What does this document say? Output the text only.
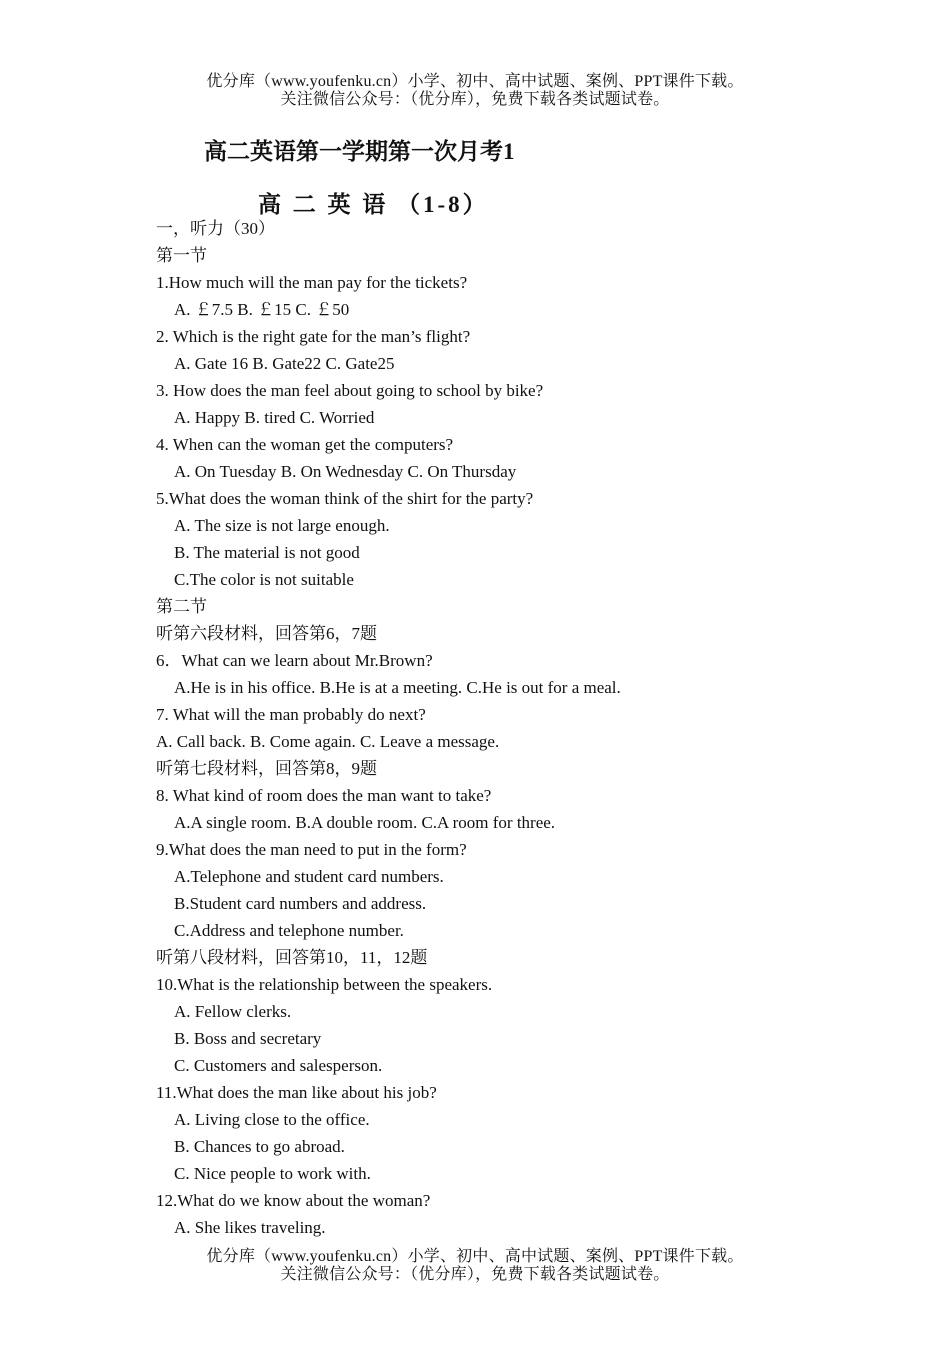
优分库（www.youfenku.cn）小学、初中、高中试题、案例、PPT课件下载。
关注微信公众号：（优分库），免费下载各类试题试卷。
高二英语第一学期第一次月考1
高 二 英 语 （1-8）
一，听力（30）
第一节
1.How much will the man pay for the tickets?
A. ￡7.5 B. ￡15 C. ￡50
2. Which is the right gate for the man’s flight?
A. Gate 16 B. Gate22 C. Gate25
3. How does the man feel about going to school by bike?
A. Happy B. tired C. Worried
4. When can the woman get the computers?
A. On Tuesday B. On Wednesday C. On Thursday
5.What does the woman think of the shirt for the party?
A. The size is not large enough.
B. The material is not good
C.The color is not suitable
第二节
听第六段材料，回答第6，7题
6．What can we learn about Mr.Brown?
A.He is in his office. B.He is at a meeting. C.He is out for a meal.
7. What will the man probably do next?
A. Call back. B. Come again. C. Leave a message.
听第七段材料，回答第8，9题
8. What kind of room does the man want to take?
A.A single room. B.A double room. C.A room for three.
9.What does the man need to put in the form?
A.Telephone and student card numbers.
B.Student card numbers and address.
C.Address and telephone number.
听第八段材料，回答第10，11，12题
10.What is the relationship between the speakers.
A. Fellow clerks.
B. Boss and secretary
C. Customers and salesperson.
11.What does the man like about his job?
A. Living close to the office.
B. Chances to go abroad.
C. Nice people to work with.
12.What do we know about the woman?
A. She likes traveling.
优分库（www.youfenku.cn）小学、初中、高中试题、案例、PPT课件下载。
关注微信公众号：（优分库），免费下载各类试题试卷。
